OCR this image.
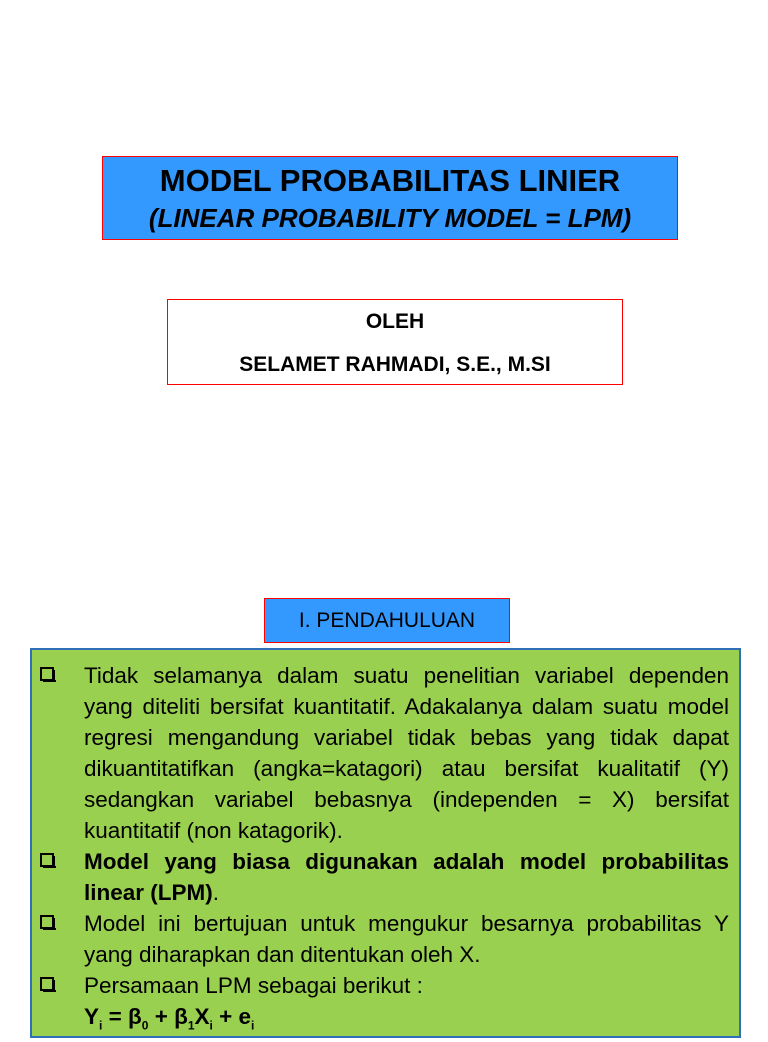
MODEL PROBABILITAS LINIER
(LINEAR PROBABILITY MODEL = LPM)
OLEH
SELAMET RAHMADI, S.E., M.SI
I. PENDAHULUAN
Tidak selamanya dalam suatu penelitian variabel dependen yang diteliti bersifat kuantitatif. Adakalanya dalam suatu model regresi mengandung variabel tidak bebas yang tidak dapat dikuantitatifkan (angka=katagori) atau bersifat kualitatif (Y) sedangkan variabel bebasnya (independen = X) bersifat kuantitatif (non katagorik).
Model yang biasa digunakan adalah model probabilitas linear (LPM).
Model ini bertujuan untuk mengukur besarnya probabilitas Y yang diharapkan dan ditentukan oleh X.
Persamaan LPM sebagai berikut :
$Y_i = \beta_0 + \beta_1X_i + e_i$
